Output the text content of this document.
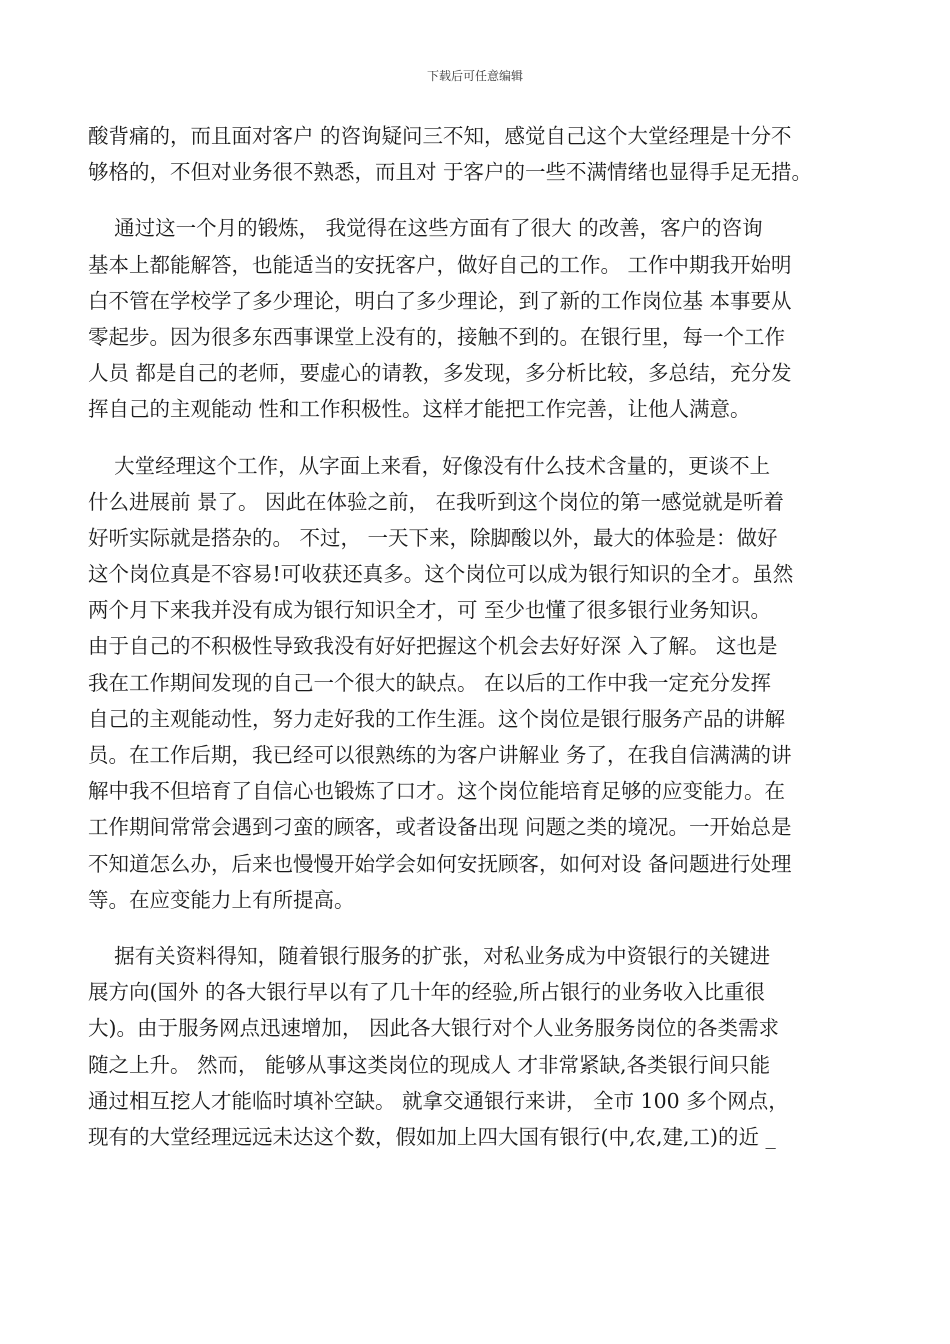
下载后可任意编辑
酸背痛的，而且面对客户 的咨询疑问三不知，感觉自己这个大堂经理是十分不
够格的，不但对业务很不熟悉，而且对 于客户的一些不满情绪也显得手足无措。
通过这一个月的锻炼， 我觉得在这些方面有了很大 的改善，客户的咨询
基本上都能解答，也能适当的安抚客户，做好自己的工作。 工作中期我开始明
白不管在学校学了多少理论，明白了多少理论，到了新的工作岗位基 本事要从
零起步。因为很多东西事课堂上没有的，接触不到的。在银行里，每一个工作
人员 都是自己的老师，要虚心的请教，多发现，多分析比较，多总结，充分发
挥自己的主观能动 性和工作积极性。这样才能把工作完善，让他人满意。
大堂经理这个工作，从字面上来看，好像没有什么技术含量的，更谈不上
什么进展前 景了。 因此在体验之前， 在我听到这个岗位的第一感觉就是听着
好听实际就是搭杂的。 不过， 一天下来，除脚酸以外，最大的体验是：做好
这个岗位真是不容易!可收获还真多。这个岗位可以成为银行知识的全才。虽然
两个月下来我并没有成为银行知识全才，可 至少也懂了很多银行业务知识。
由于自己的不积极性导致我没有好好把握这个机会去好好深 入了解。 这也是
我在工作期间发现的自己一个很大的缺点。 在以后的工作中我一定充分发挥
自己的主观能动性，努力走好我的工作生涯。这个岗位是银行服务产品的讲解
员。在工作后期，我已经可以很熟练的为客户讲解业 务了，在我自信满满的讲
解中我不但培育了自信心也锻炼了口才。这个岗位能培育足够的应变能力。在
工作期间常常会遇到刁蛮的顾客，或者设备出现 问题之类的境况。一开始总是
不知道怎么办，后来也慢慢开始学会如何安抚顾客，如何对设 备问题进行处理
等。在应变能力上有所提高。
据有关资料得知，随着银行服务的扩张，对私业务成为中资银行的关键进
展方向(国外 的各大银行早以有了几十年的经验,所占银行的业务收入比重很
大)。由于服务网点迅速增加， 因此各大银行对个人业务服务岗位的各类需求
随之上升。 然而， 能够从事这类岗位的现成人 才非常紧缺,各类银行间只能
通过相互挖人才能临时填补空缺。 就拿交通银行来讲， 全市 100 多个网点，
现有的大堂经理远远未达这个数，假如加上四大国有银行(中,农,建,工)的近 _
